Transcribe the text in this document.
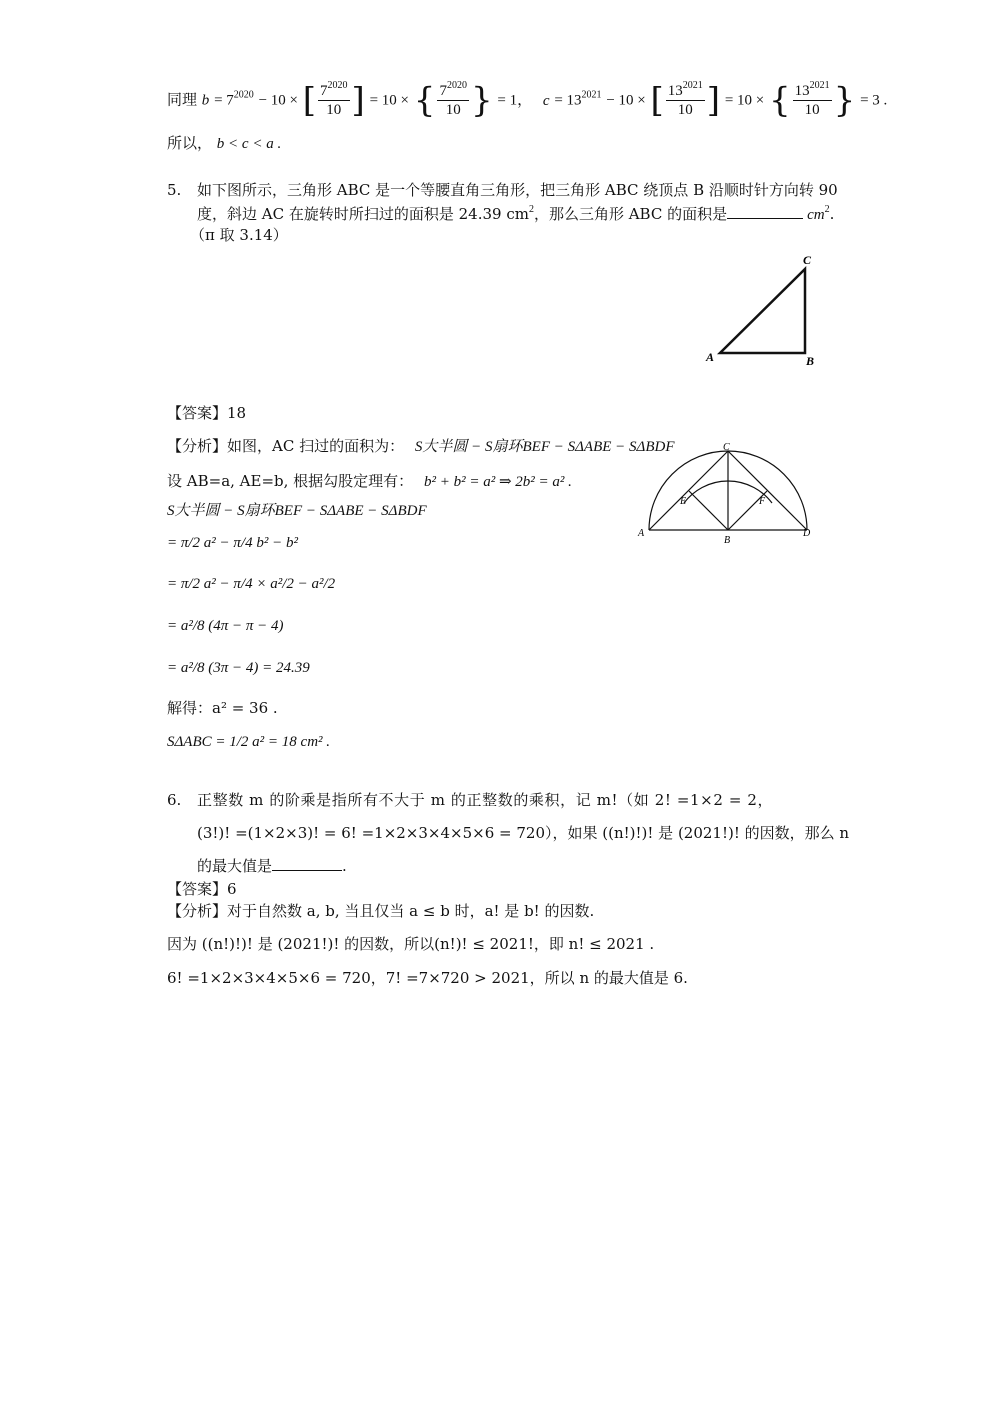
同理 $b = 7^{2020} - 10$ × [ $\frac{7^{2020}}{10}$ ] = 10 × { $\frac{7^{2020}}{10}$ } = 1， $c = 13^{2021} - 10$ × [ $\frac{13^{2021}}{10}$ ] = 10 × { $\frac{13^{2021}}{10}$ } = 3 .
所以， b < c < a .
5. 如下图所示，三角形 ABC 是一个等腰直角三角形，把三角形 ABC 绕顶点 B 沿顺时针方向转 90
度，斜边 AC 在旋转时所扫过的面积是 24.39 $cm^2$，那么三角形 ABC 的面积是	$cm^2$.
（π 取 3.14）
A	B
C
【答案】18
【分析】如图，AC 扫过的面积为： S大半圆 − S扇环BEF − SΔABE − SΔBDF
设 AB=a, AE=b, 根据勾股定理有： b² + b² = a² ⇒ 2b² = a² .
S大半圆 − S扇环BEF − SΔABE − SΔBDF
= π/2 a² − π/4 b² − b²
= π/2 a² − π/4 × a²/2 − a²/2
= a²/8 (4π − π − 4)
= a²/8 (3π − 4) = 24.39
解得：a² = 36 .
SΔABC = 1/2 a² = 18 cm² .
A
B
C
D
E	F
6. 正整数 m 的阶乘是指所有不大于 m 的正整数的乘积，记 m!（如 2! =1×2 = 2，
(3!)! =(1×2×3)! = 6! =1×2×3×4×5×6 = 720），如果 ((n!)!)! 是 (2021!)! 的因数，那么 n
的最大值是	.
【答案】6
【分析】对于自然数 a, b, 当且仅当 a ≤ b 时，a! 是 b! 的因数.
因为 ((n!)!)! 是 (2021!)! 的因数，所以(n!)! ≤ 2021!，即 n! ≤ 2021 .
6! =1×2×3×4×5×6 = 720，7! =7×720 > 2021，所以 n 的最大值是 6.
